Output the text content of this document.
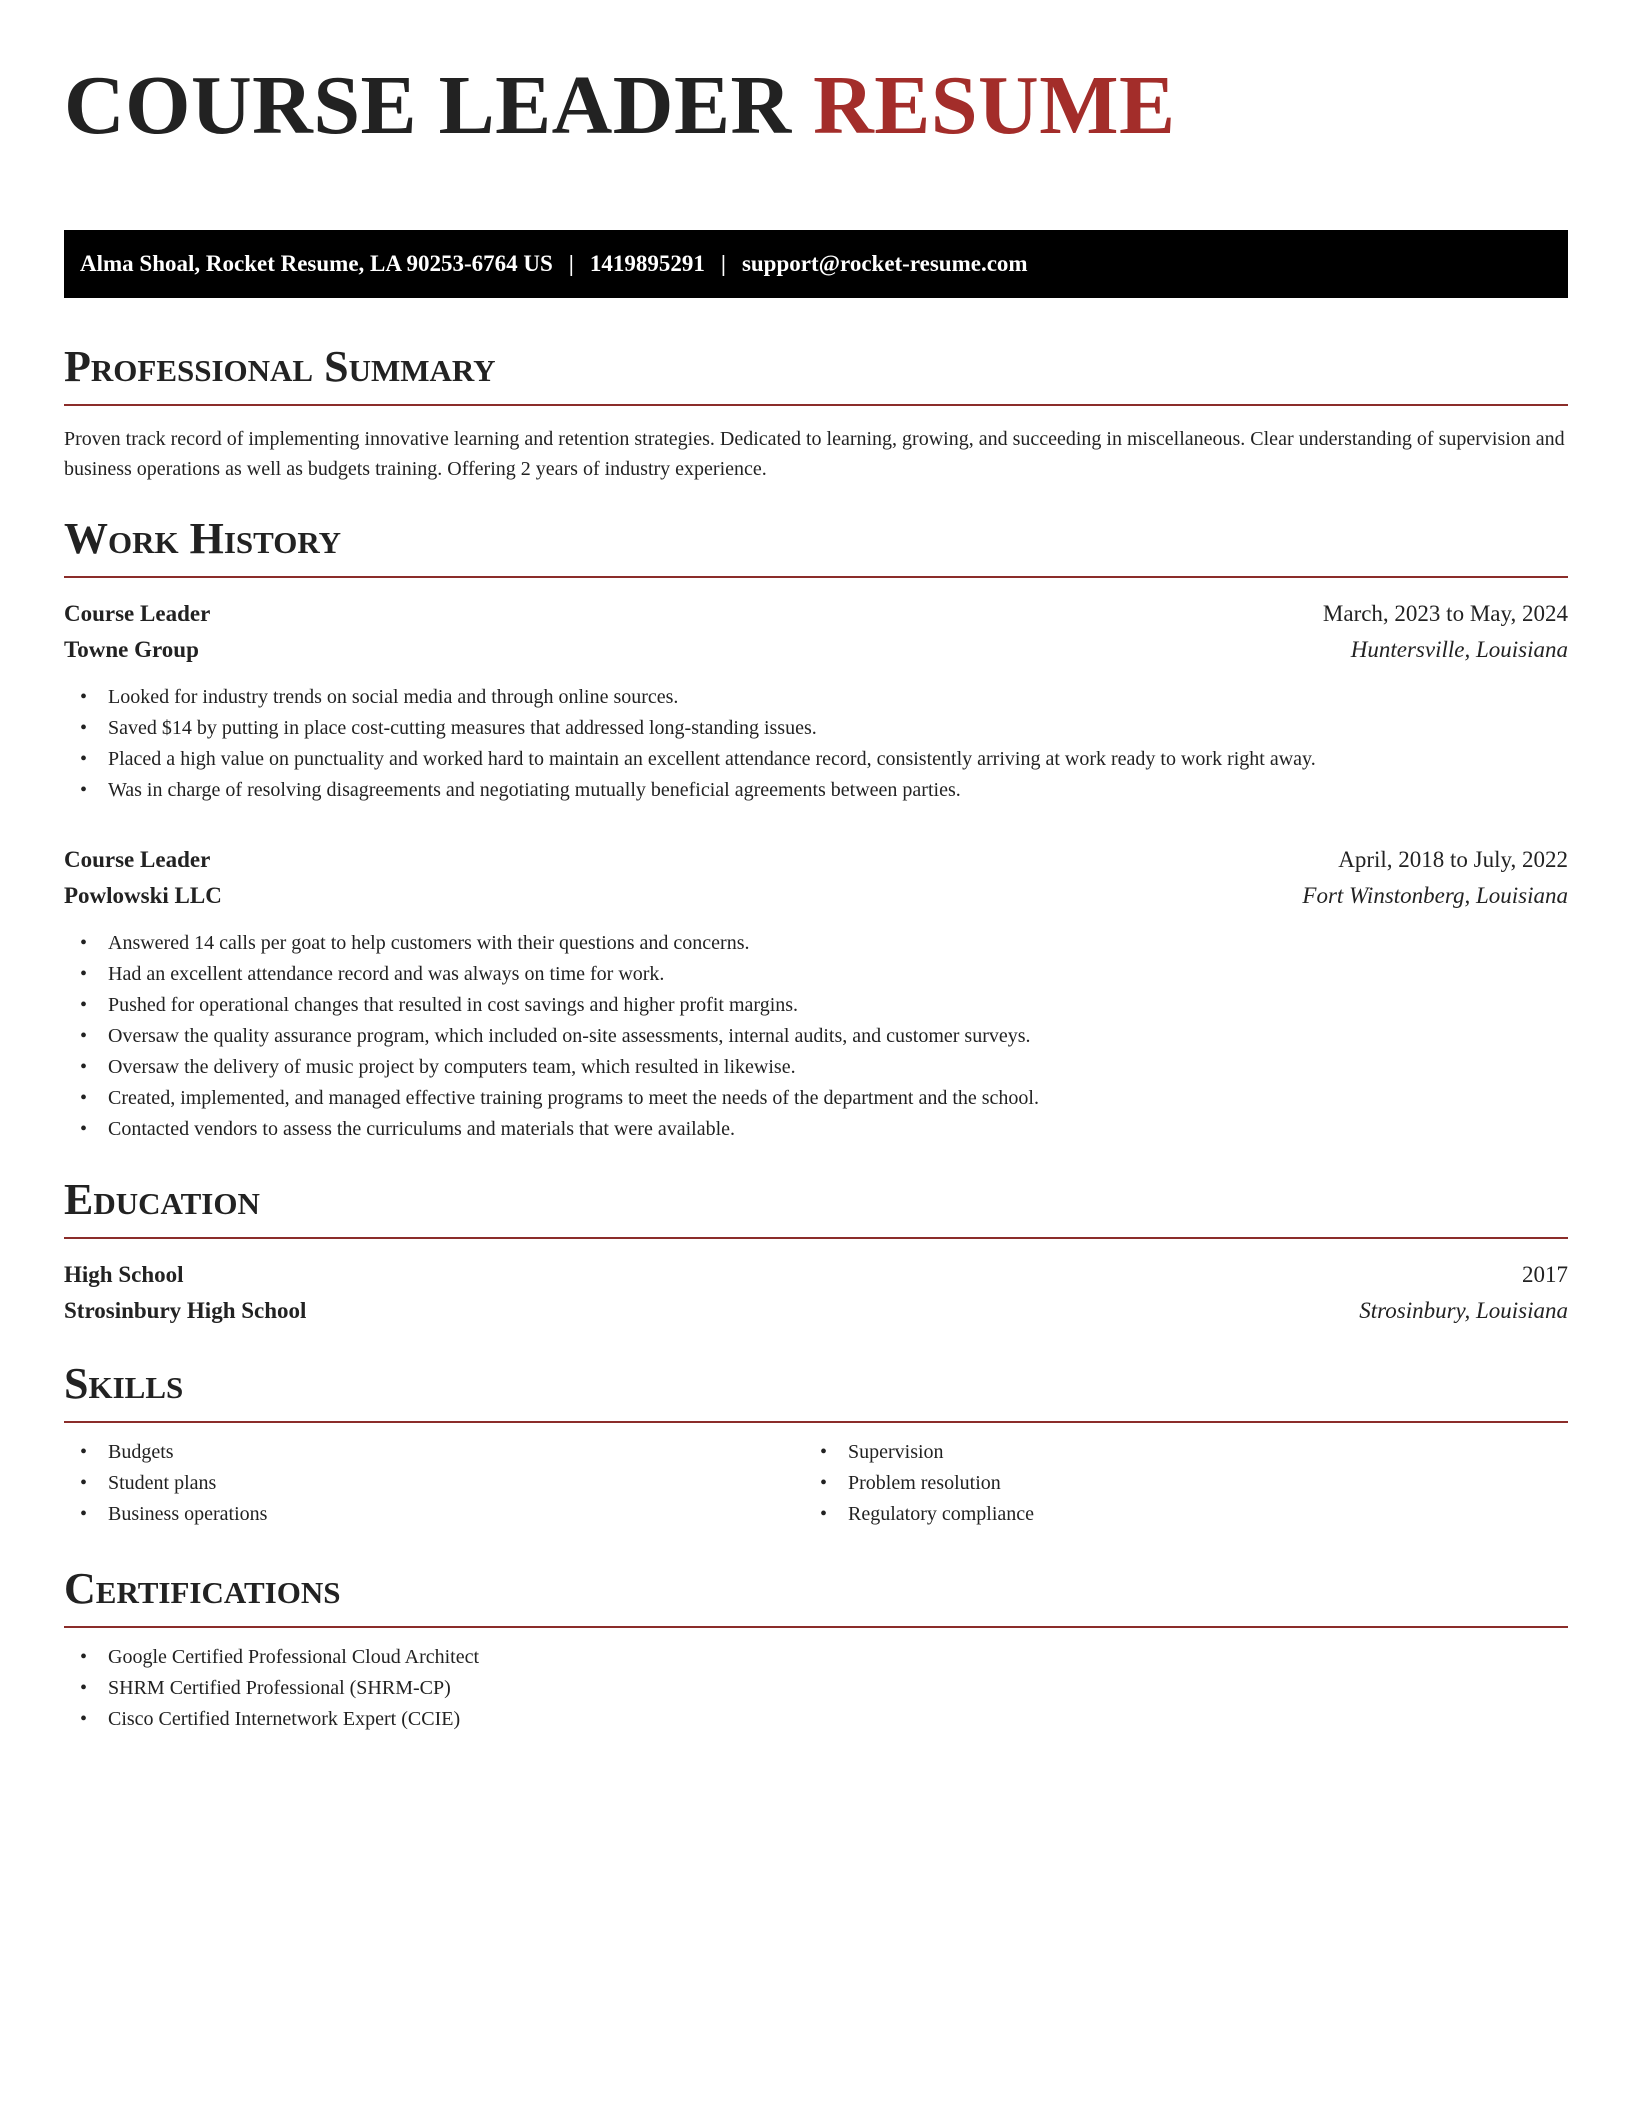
COURSE LEADER RESUME
Alma Shoal, Rocket Resume, LA 90253-6764 US | 1419895291 | support@rocket-resume.com
Professional Summary

Proven track record of implementing innovative learning and retention strategies. Dedicated to learning, growing, and succeeding in miscellaneous. Clear understanding of supervision and business operations as well as budgets training. Offering 2 years of industry experience.

Work History
Course Leader	March, 2023 to May, 2024
Towne Group	Huntersville, Louisiana
• Looked for industry trends on social media and through online sources.
• Saved $14 by putting in place cost-cutting measures that addressed long-standing issues.
• Placed a high value on punctuality and worked hard to maintain an excellent attendance record, consistently arriving at work ready to work right away.
• Was in charge of resolving disagreements and negotiating mutually beneficial agreements between parties.
Course Leader	April, 2018 to July, 2022
Powlowski LLC	Fort Winstonberg, Louisiana
• Answered 14 calls per goat to help customers with their questions and concerns.
• Had an excellent attendance record and was always on time for work.
• Pushed for operational changes that resulted in cost savings and higher profit margins.
• Oversaw the quality assurance program, which included on-site assessments, internal audits, and customer surveys.
• Oversaw the delivery of music project by computers team, which resulted in likewise.
• Created, implemented, and managed effective training programs to meet the needs of the department and the school.
• Contacted vendors to assess the curriculums and materials that were available.
Education
High School	2017
Strosinbury High School	Strosinbury, Louisiana
Skills
• Budgets
• Student plans
• Business operations
• Supervision
• Problem resolution
• Regulatory compliance
Certifications
• Google Certified Professional Cloud Architect
• SHRM Certified Professional (SHRM-CP)
• Cisco Certified Internetwork Expert (CCIE)
